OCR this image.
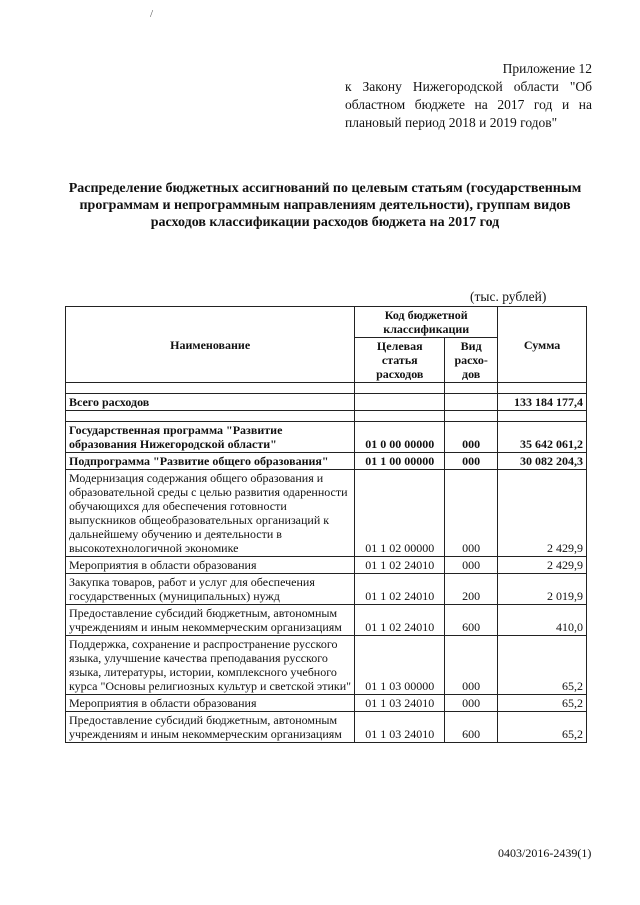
/
Приложение 12
к Закону Нижегородской области "Об областном бюджете на 2017 год и на плановый период 2018 и 2019 годов"
Распределение бюджетных ассигнований по целевым статьям (государственным программам и непрограммным направлениям деятельности), группам видов расходов классификации расходов бюджета на 2017 год
(тыс. рублей)
Наименование	Код бюджетной классификации		Сумма
	Целевая статья расходов	Вид расхо-дов	

Всего расходов			133 184 177,4

Государственная программа "Развитие образования Нижегородской области"	01 0 00 00000	000	35 642 061,2
Подпрограмма "Развитие общего образования"	01 1 00 00000	000	30 082 204,3
Модернизация содержания общего образования и образовательной среды с целью развития одаренности обучающихся для обеспечения готовности выпускников общеобразовательных организаций к дальнейшему обучению и деятельности в высокотехнологичной экономике	01 1 02 00000	000	2 429,9
Мероприятия в области образования	01 1 02 24010	000	2 429,9
Закупка товаров, работ и услуг для обеспечения государственных (муниципальных) нужд	01 1 02 24010	200	2 019,9
Предоставление субсидий бюджетным, автономным учреждениям и иным некоммерческим организациям	01 1 02 24010	600	410,0
Поддержка, сохранение и распространение русского языка, улучшение качества преподавания русского языка, литературы, истории, комплексного учебного курса "Основы религиозных культур и светской этики"	01 1 03 00000	000	65,2
Мероприятия в области образования	01 1 03 24010	000	65,2
Предоставление субсидий бюджетным, автономным учреждениям и иным некоммерческим организациям	01 1 03 24010	600	65,2
0403/2016-2439(1)
